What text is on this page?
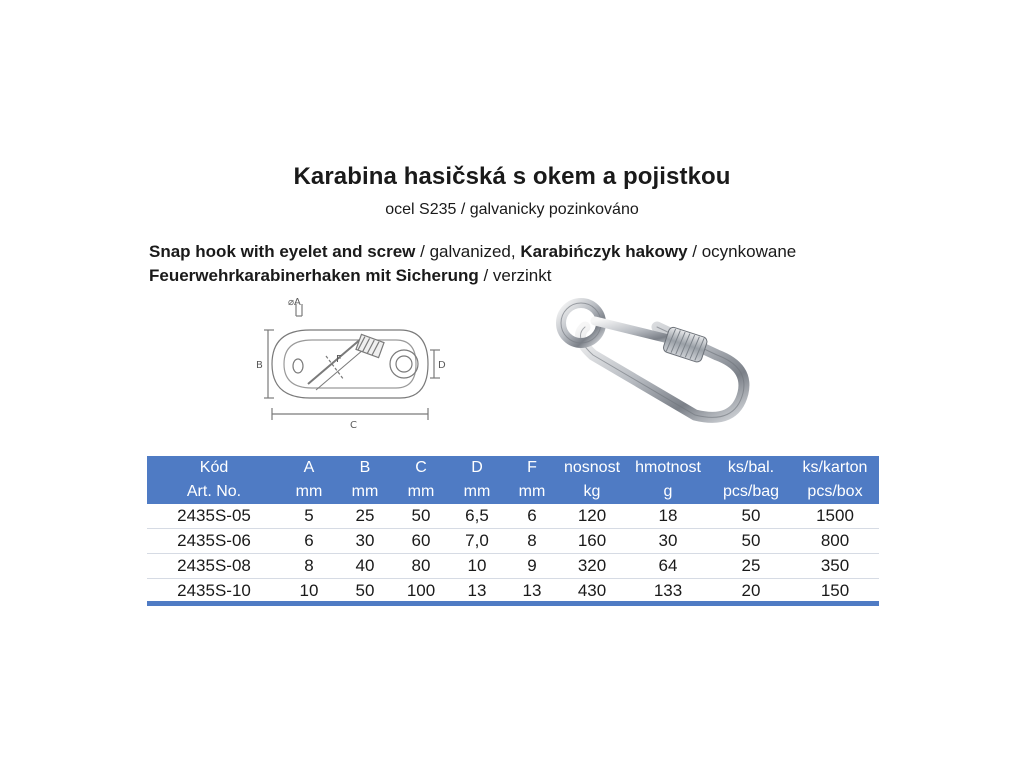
Karabina hasičská s okem a pojistkou
ocel S235 / galvanicky pozinkováno
Snap hook with eyelet and screw / galvanized, Karabińczyk hakowy / ocynkowane
Feuerwehrkarabinerhaken mit Sicherung / verzinkt
⌀A
B
C
D
F
Kód	A	B	C	D	F	nosnost	hmotnost	ks/bal.	ks/karton
Art. No.	mm	mm	mm	mm	mm	kg	g	pcs/bag	pcs/box
2435S-05	5	25	50	6,5	6	120	18	50	1500
2435S-06	6	30	60	7,0	8	160	30	50	800
2435S-08	8	40	80	10	9	320	64	25	350
2435S-10	10	50	100	13	13	430	133	20	150
